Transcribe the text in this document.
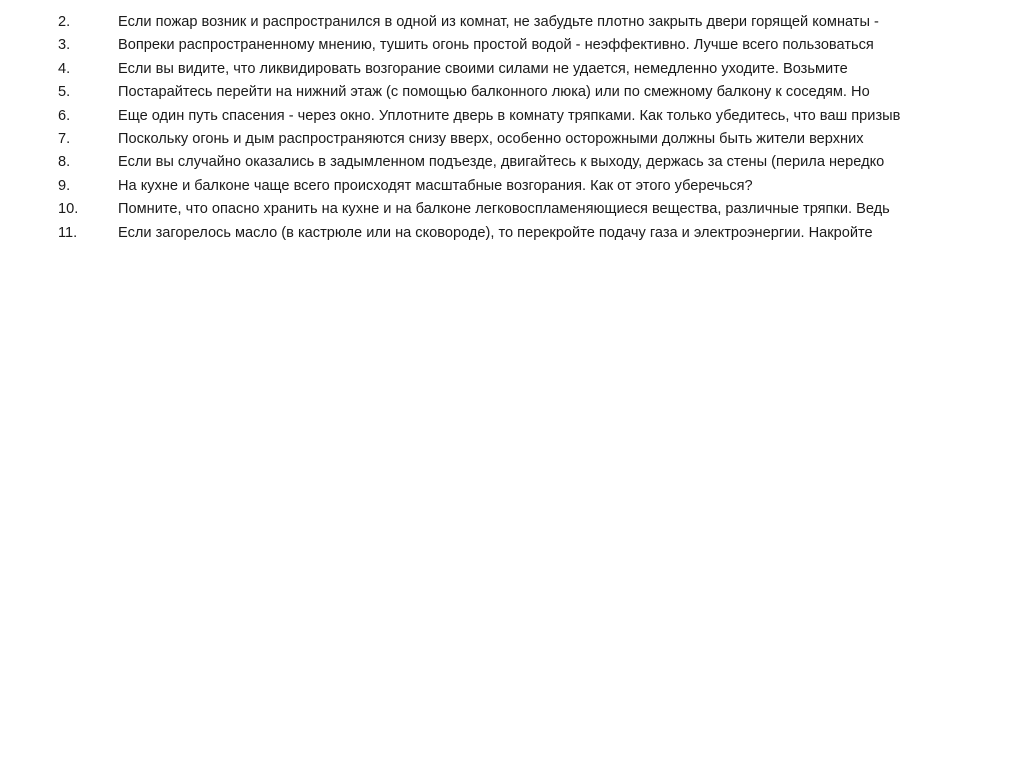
2.	Если пожар возник и распространился в одной из комнат, не забудьте плотно закрыть двери горящей комнаты -
3.	Вопреки распространенному мнению, тушить огонь простой водой - неэффективно. Лучше всего пользоваться
4.	Если вы видите, что ликвидировать возгорание своими силами не удается, немедленно уходите. Возьмите
5.	Постарайтесь перейти на нижний этаж (с помощью балконного люка) или по смежному балкону к соседям. Но
6.	Еще один путь спасения - через окно. Уплотните дверь в комнату тряпками. Как только убедитесь, что ваш призыв
7.	Поскольку огонь и дым распространяются снизу вверх, особенно осторожными должны быть жители верхних
8.	Если вы случайно оказались в задымленном подъезде, двигайтесь к выходу, держась за стены (перила нередко
9.	На кухне и балконе чаще всего происходят масштабные возгорания. Как от этого уберечься?
10.	Помните, что опасно хранить на кухне и на балконе легковоспламеняющиеся вещества, различные тряпки. Ведь
11.	Если загорелось масло (в кастрюле или на сковороде), то перекройте подачу газа и электроэнергии. Накройте
